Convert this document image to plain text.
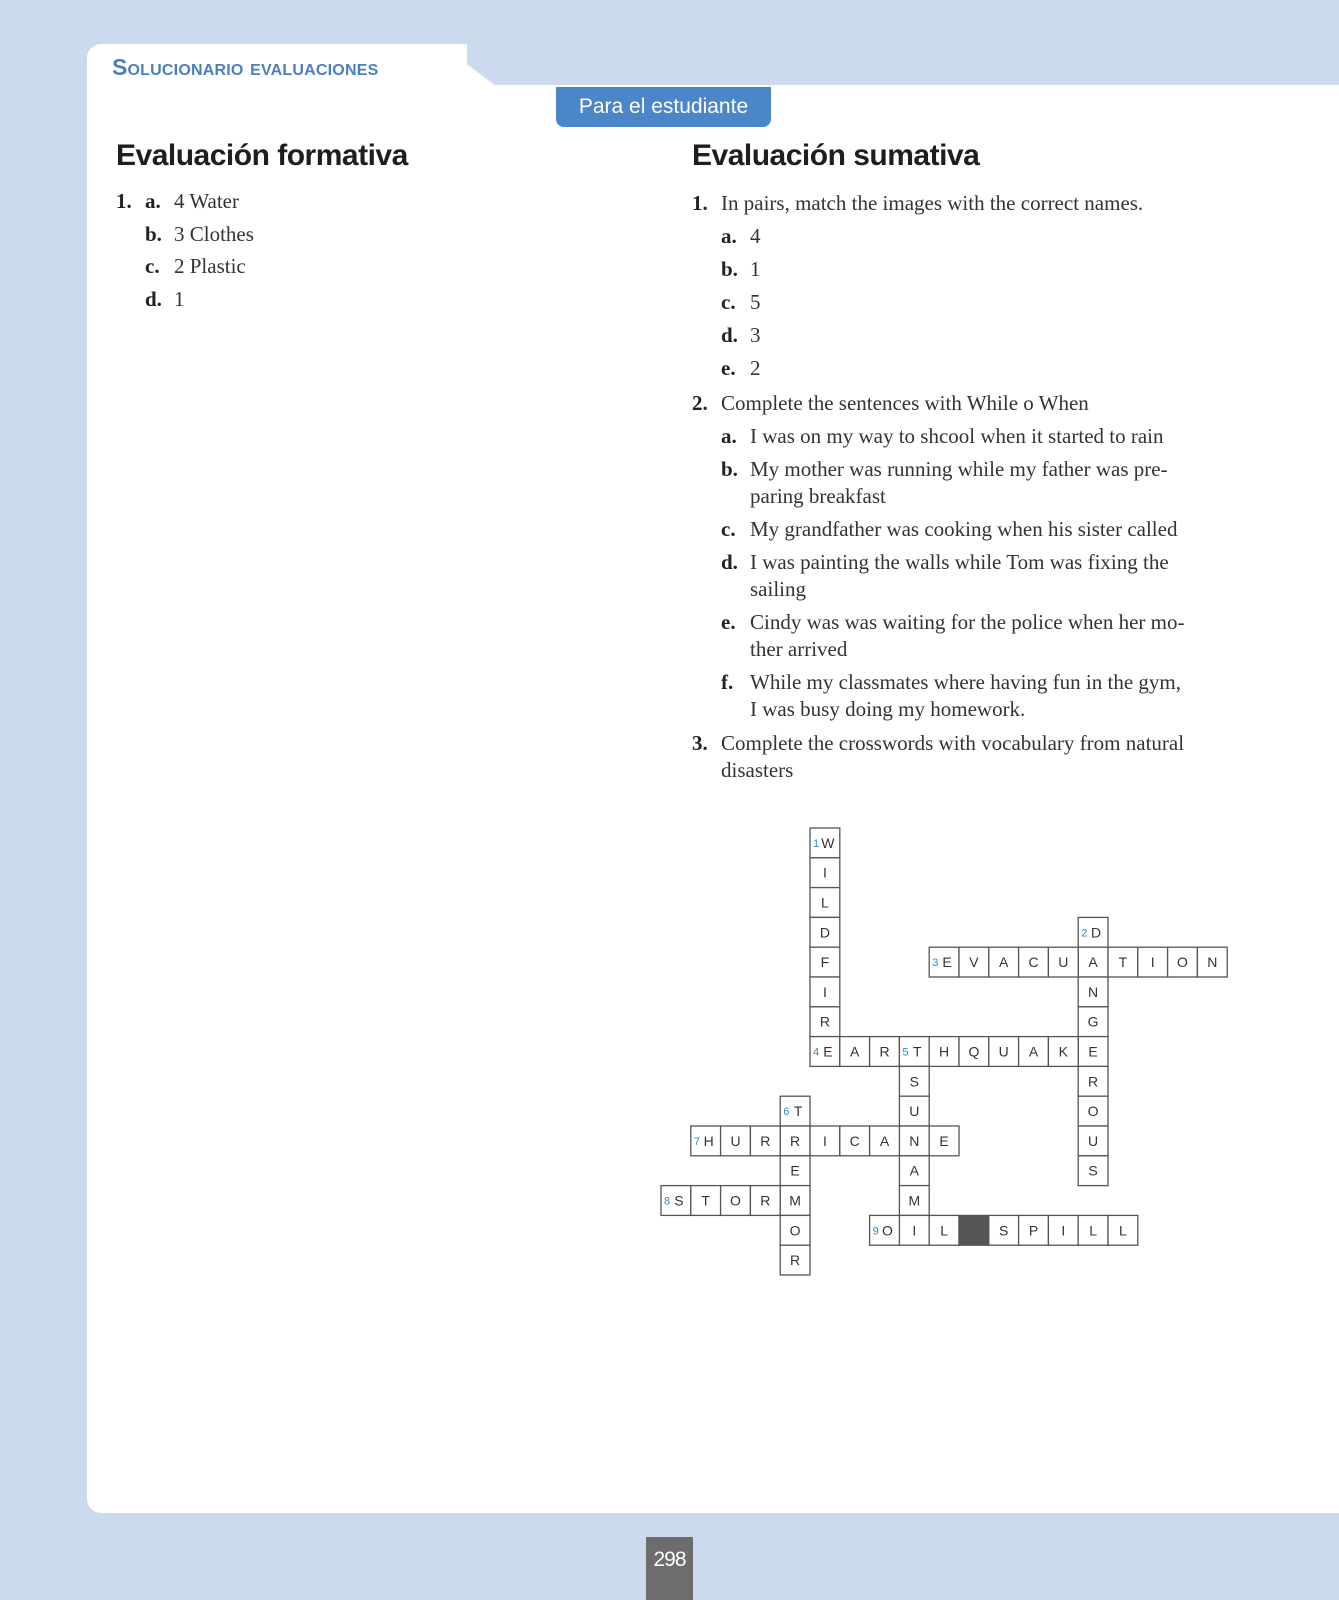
Solucionario evaluaciones
Para el estudiante
Evaluación formativa
1. a. 4 Water
b. 3 Clothes
c. 2 Plastic
d. 1
Evaluación sumativa
1. In pairs, match the images with the correct names.
a. 4
b. 1
c. 5
d. 3
e. 2
2. Complete the sentences with While o When
a. I was on my way to shcool when it started to rain
b. My mother was running while my father was pre-
paring breakfast
c. My grandfather was cooking when his sister called
d. I was painting the walls while Tom was fixing the
sailing
e. Cindy was was waiting for the police when her mo-
ther arrived
f. While my classmates where having fun in the gym,
I was busy doing my homework.
3. Complete the crosswords with vocabulary from natural
disasters
W
1
I
L
D
F
I
R
E
4
D
2
A
N
G
E
R
O
U
S
E
3 V A C U	T I O N
A R T
5 H Q U A K
S
U
N
A
M
I
T
6
R
E
M
O
R
H
7 U R	I C A	E
S
8 T O R
O
9	L	S P I L L
298
